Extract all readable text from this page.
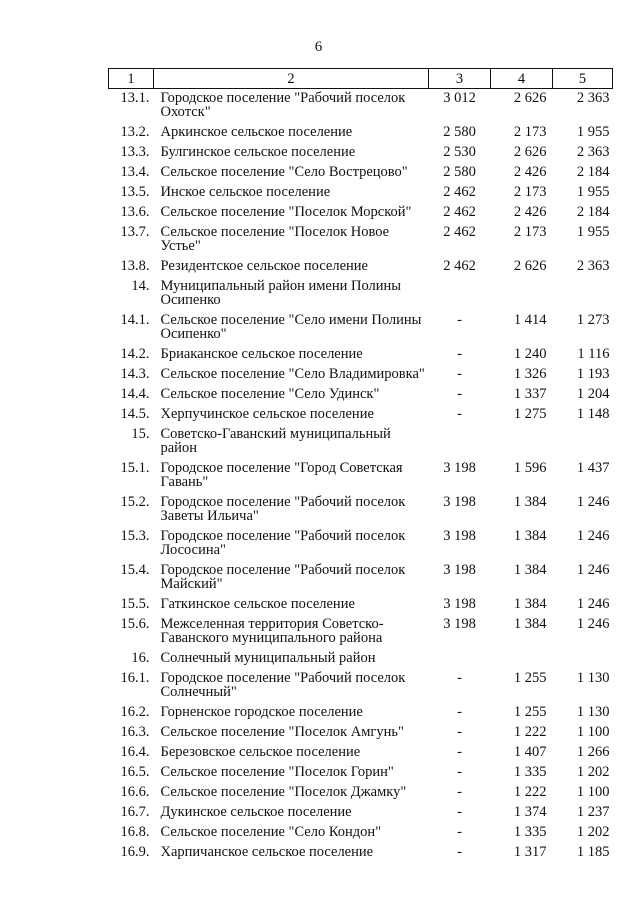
6
1	2	3	4	5
13.1.	Городское поселение "Рабочий поселок Охотск"	3 012	2 626	2 363
13.2.	Аркинское сельское поселение	2 580	2 173	1 955
13.3.	Булгинское сельское поселение	2 530	2 626	2 363
13.4.	Сельское поселение "Село Вострецово"	2 580	2 426	2 184
13.5.	Инское сельское поселение	2 462	2 173	1 955
13.6.	Сельское поселение "Поселок Морской"	2 462	2 426	2 184
13.7.	Сельское поселение "Поселок Новое Устье"	2 462	2 173	1 955
13.8.	Резидентское сельское поселение	2 462	2 626	2 363
14.	Муниципальный район имени Полины Осипенко			
14.1.	Сельское поселение "Село имени Полины Осипенко"	-	1 414	1 273
14.2.	Бриаканское сельское поселение	-	1 240	1 116
14.3.	Сельское поселение "Село Владимировка"	-	1 326	1 193
14.4.	Сельское поселение "Село Удинск"	-	1 337	1 204
14.5.	Херпучинское сельское поселение	-	1 275	1 148
15.	Советско-Гаванский муниципальный район			
15.1.	Городское поселение "Город Советская Гавань"	3 198	1 596	1 437
15.2.	Городское поселение "Рабочий поселок Заветы Ильича"	3 198	1 384	1 246
15.3.	Городское поселение "Рабочий поселок Лососина"	3 198	1 384	1 246
15.4.	Городское поселение "Рабочий поселок Майский"	3 198	1 384	1 246
15.5.	Гаткинское сельское поселение	3 198	1 384	1 246
15.6.	Межселенная территория Советско-Гаванского муниципального района	3 198	1 384	1 246
16.	Солнечный муниципальный район			
16.1.	Городское поселение "Рабочий поселок Солнечный"	-	1 255	1 130
16.2.	Горненское городское поселение	-	1 255	1 130
16.3.	Сельское поселение "Поселок Амгунь"	-	1 222	1 100
16.4.	Березовское сельское поселение	-	1 407	1 266
16.5.	Сельское поселение "Поселок Горин"	-	1 335	1 202
16.6.	Сельское поселение "Поселок Джамку"	-	1 222	1 100
16.7.	Дукинское сельское поселение	-	1 374	1 237
16.8.	Сельское поселение "Село Кондон"	-	1 335	1 202
16.9.	Харпичанское сельское поселение	-	1 317	1 185
